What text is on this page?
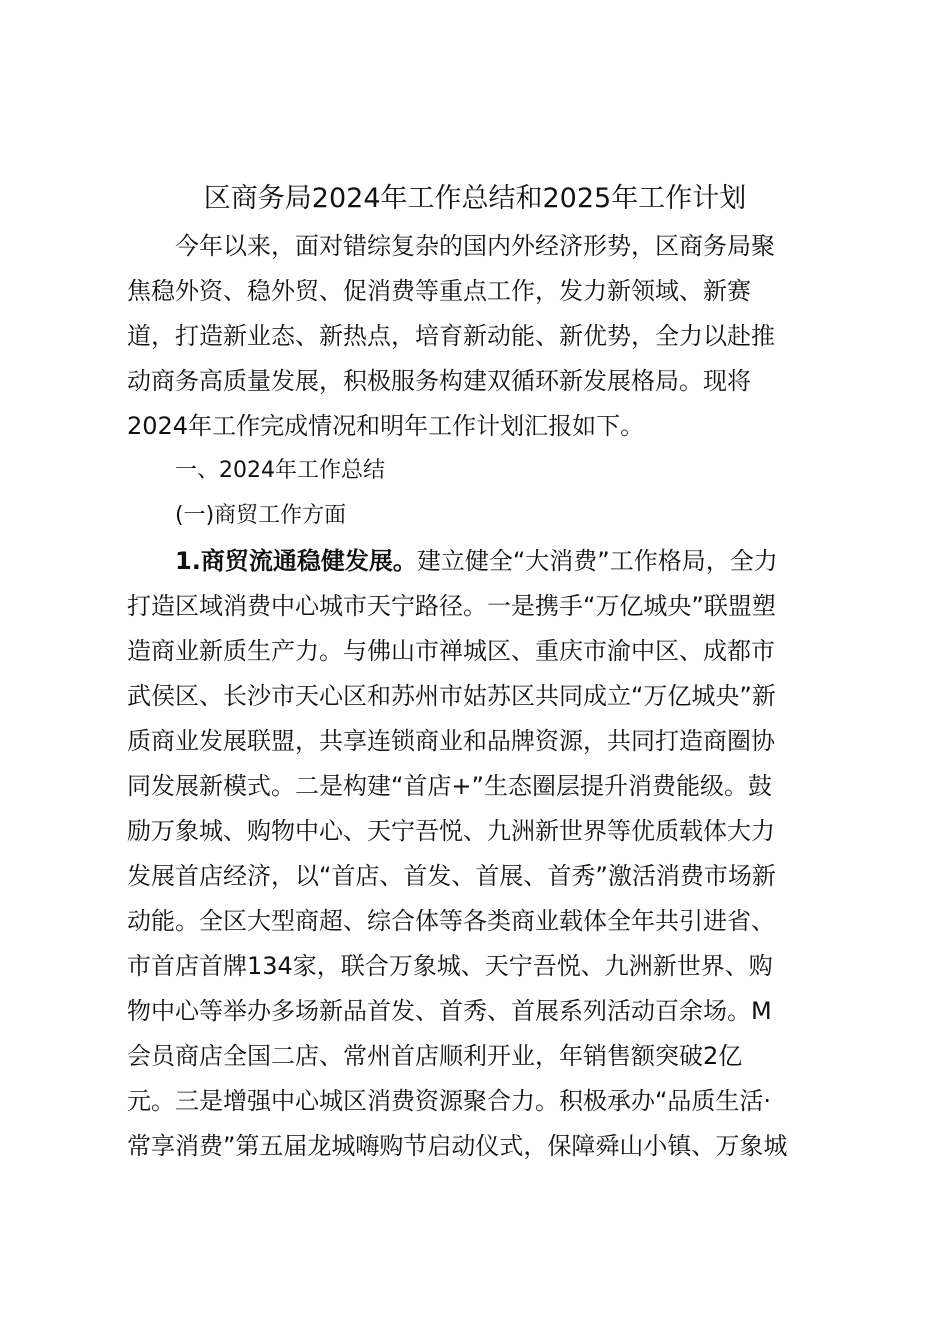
区商务局2024年工作总结和2025年工作计划
今年以来，面对错综复杂的国内外经济形势，区商务局聚
焦稳外资、稳外贸、促消费等重点工作，发力新领域、新赛
道，打造新业态、新热点，培育新动能、新优势，全力以赴推
动商务高质量发展，积极服务构建双循环新发展格局。现将
2024年工作完成情况和明年工作计划汇报如下。
一、2024年工作总结
(一)商贸工作方面
1.商贸流通稳健发展。建立健全“大消费”工作格局，全力
打造区域消费中心城市天宁路径。一是携手“万亿城央”联盟塑
造商业新质生产力。与佛山市禅城区、重庆市渝中区、成都市
武侯区、长沙市天心区和苏州市姑苏区共同成立“万亿城央”新
质商业发展联盟，共享连锁商业和品牌资源，共同打造商圈协
同发展新模式。二是构建“首店+”生态圈层提升消费能级。鼓
励万象城、购物中心、天宁吾悦、九洲新世界等优质载体大力
发展首店经济，以“首店、首发、首展、首秀”激活消费市场新
动能。全区大型商超、综合体等各类商业载体全年共引进省、
市首店首牌134家，联合万象城、天宁吾悦、九洲新世界、购
物中心等举办多场新品首发、首秀、首展系列活动百余场。M
会员商店全国二店、常州首店顺利开业，年销售额突破2亿
元。三是增强中心城区消费资源聚合力。积极承办“品质生活·
常享消费”第五届龙城嗨购节启动仪式，保障舜山小镇、万象城
